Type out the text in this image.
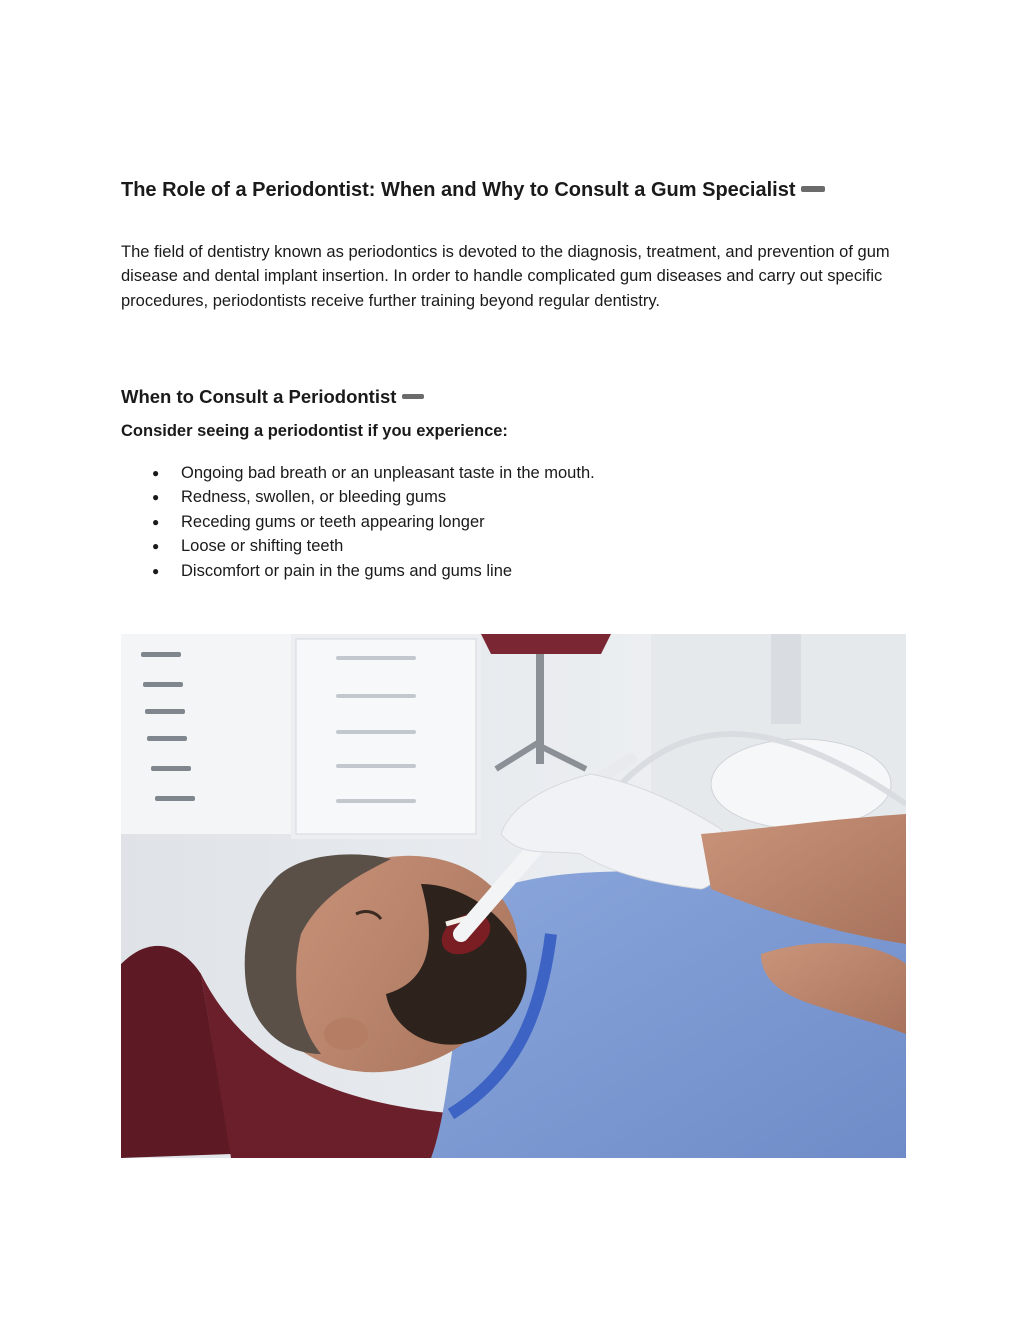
The Role of a Periodontist: When and Why to Consult a Gum Specialist

The field of dentistry known as periodontics is devoted to the diagnosis, treatment, and prevention of gum disease and dental implant insertion. In order to handle complicated gum diseases and carry out specific procedures, periodontists receive further training beyond regular dentistry.

When to Consult a Periodontist

Consider seeing a periodontist if you experience:

● Ongoing bad breath or an unpleasant taste in the mouth.
● Redness, swollen, or bleeding gums
● Receding gums or teeth appearing longer
● Loose or shifting teeth
● Discomfort or pain in the gums and gums line
